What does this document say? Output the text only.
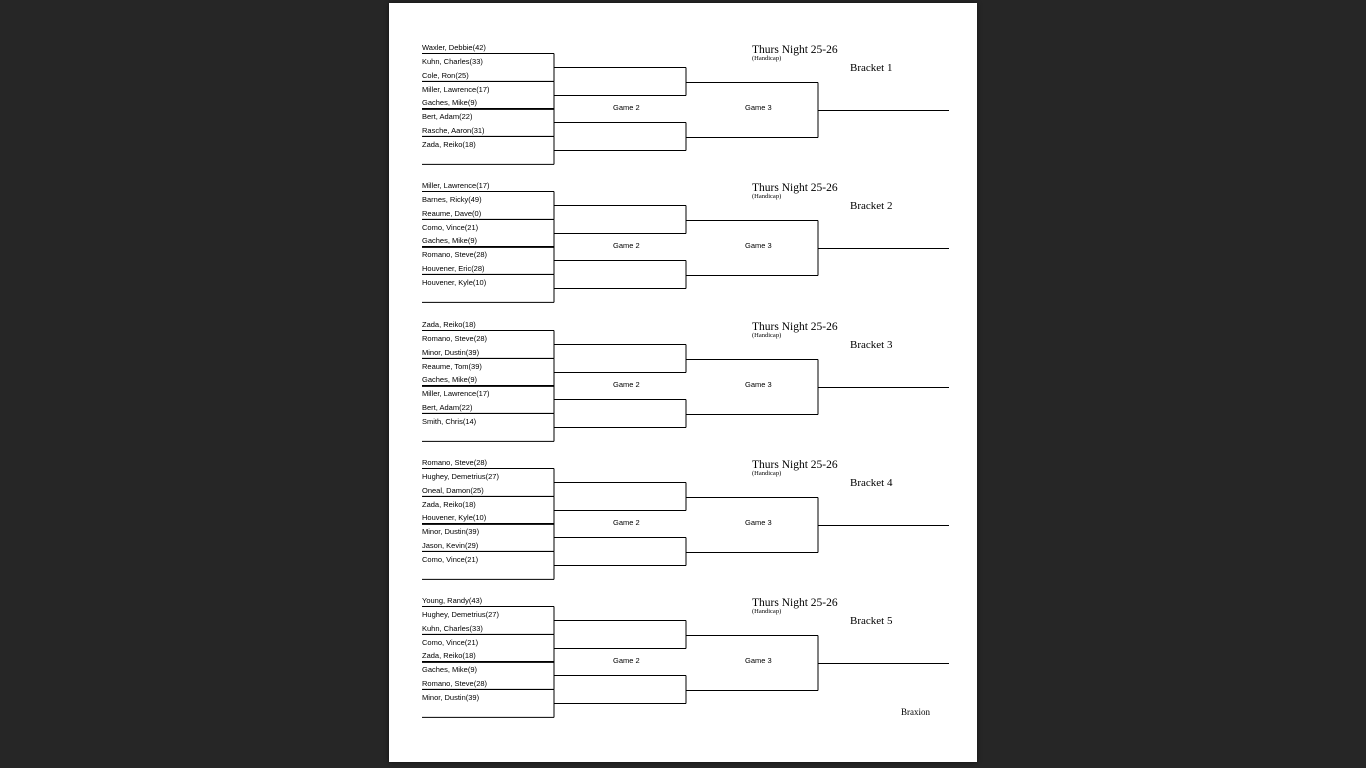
Waxler, Debbie(42)
Kuhn, Charles(33)
Cole, Ron(25)
Miller, Lawrence(17)
Gaches, Mike(9)
Bert, Adam(22)
Rasche, Aaron(31)
Zada, Reiko(18)
Game 2	Game 3
Thurs Night 25-26
(Handicap)
Bracket 1
Miller, Lawrence(17)
Barnes, Ricky(49)
Reaume, Dave(0)
Como, Vince(21)
Gaches, Mike(9)
Romano, Steve(28)
Houvener, Eric(28)
Houvener, Kyle(10)
Game 2	Game 3
Thurs Night 25-26
(Handicap)
Bracket 2
Zada, Reiko(18)
Romano, Steve(28)
Minor, Dustin(39)
Reaume, Tom(39)
Gaches, Mike(9)
Miller, Lawrence(17)
Bert, Adam(22)
Smith, Chris(14)
Game 2	Game 3
Thurs Night 25-26
(Handicap)
Bracket 3
Romano, Steve(28)
Hughey, Demetrius(27)
Oneal, Damon(25)
Zada, Reiko(18)
Houvener, Kyle(10)
Minor, Dustin(39)
Jason, Kevin(29)
Como, Vince(21)
Game 2	Game 3
Thurs Night 25-26
(Handicap)
Bracket 4
Young, Randy(43)
Hughey, Demetrius(27)
Kuhn, Charles(33)
Como, Vince(21)
Zada, Reiko(18)
Gaches, Mike(9)
Romano, Steve(28)
Minor, Dustin(39)
Game 2	Game 3
Thurs Night 25-26
(Handicap)
Bracket 5
Braxion
